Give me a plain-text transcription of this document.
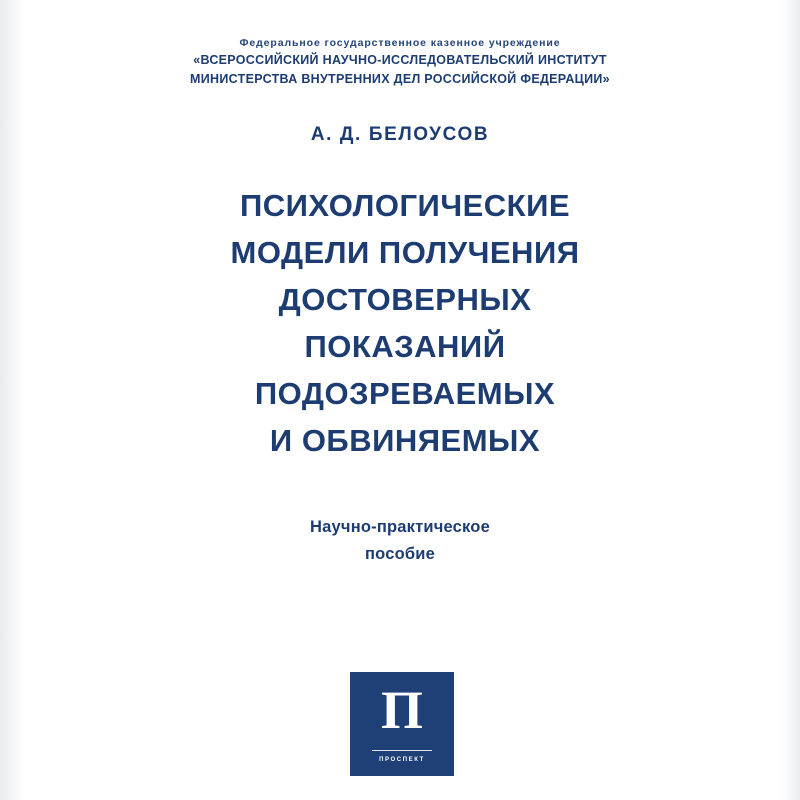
Федеральное государственное казенное учреждение
«ВСЕРОССИЙСКИЙ НАУЧНО-ИССЛЕДОВАТЕЛЬСКИЙ ИНСТИТУТ
МИНИСТЕРСТВА ВНУТРЕННИХ ДЕЛ РОССИЙСКОЙ ФЕДЕРАЦИИ»
А. Д. БЕЛОУСОВ
ПСИХОЛОГИЧЕСКИЕ
МОДЕЛИ ПОЛУЧЕНИЯ
ДОСТОВЕРНЫХ
ПОКАЗАНИЙ
ПОДОЗРЕВАЕМЫХ
И ОБВИНЯЕМЫХ
Научно-практическое
пособие
П
ПРОСПЕКТ
